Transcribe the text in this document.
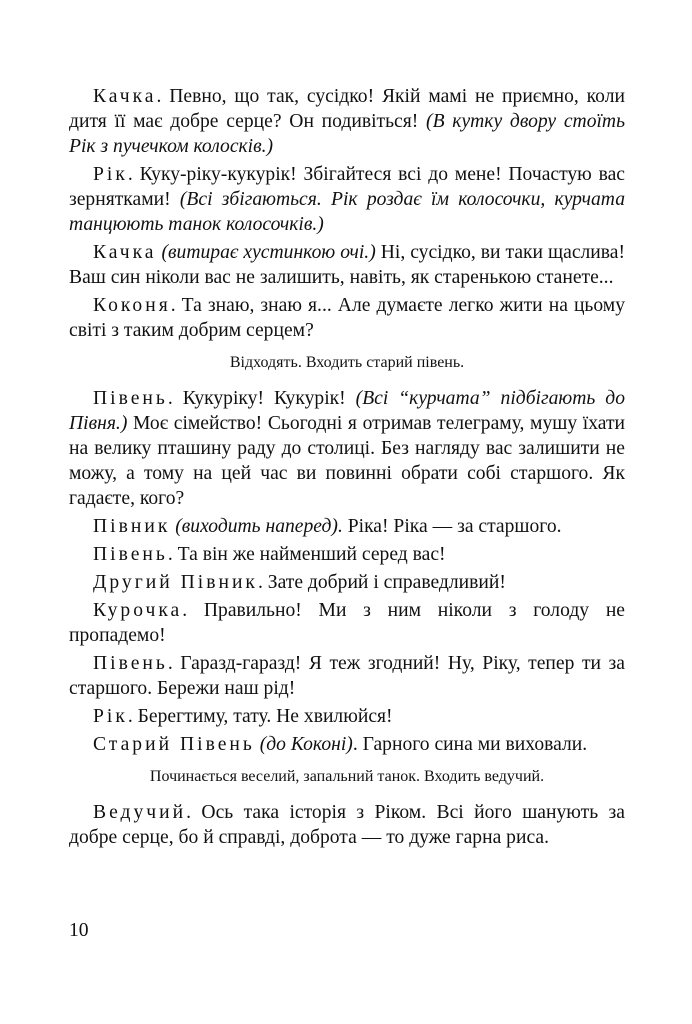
Качка. Певно, що так, сусідко! Якій мамі не приємно, коли дитя її має добре серце? Он подивіться! (В кутку двору стоїть Рік з пучечком колосків.)

Рік. Куку-ріку-кукурік! Збігайтеся всі до мене! Почастую вас зернятками! (Всі збігаються. Рік роздає їм колосочки, курчата танцюють танок колосочків.)

Качка (витирає хустинкою очі.) Ні, сусідко, ви таки щаслива! Ваш син ніколи вас не залишить, навіть, як старенькою станете...

Коконя. Та знаю, знаю я... Але думаєте легко жити на цьому світі з таким добрим серцем?

Відходять. Входить старий півень.

Півень. Кукуріку! Кукурік! (Всі “курчата” підбігають до Півня.) Моє сімейство! Сьогодні я отримав телеграму, мушу їхати на велику пташину раду до столиці. Без нагляду вас залишити не можу, а тому на цей час ви повинні обрати собі старшого. Як гадаєте, кого?

Півник (виходить наперед). Ріка! Ріка — за старшого.

Півень. Та він же найменший серед вас!

Другий Півник. Зате добрий і справедливий!

Курочка. Правильно! Ми з ним ніколи з голоду не пропадемо!

Півень. Гаразд-гаразд! Я теж згодний! Ну, Ріку, тепер ти за старшого. Бережи наш рід!

Рік. Берегтиму, тату. Не хвилюйся!

Старий Півень (до Коконі). Гарного сина ми виховали.

Починається веселий, запальний танок. Входить ведучий.

Ведучий. Ось така історія з Ріком. Всі його шанують за добре серце, бо й справді, доброта — то дуже гарна риса.

10
